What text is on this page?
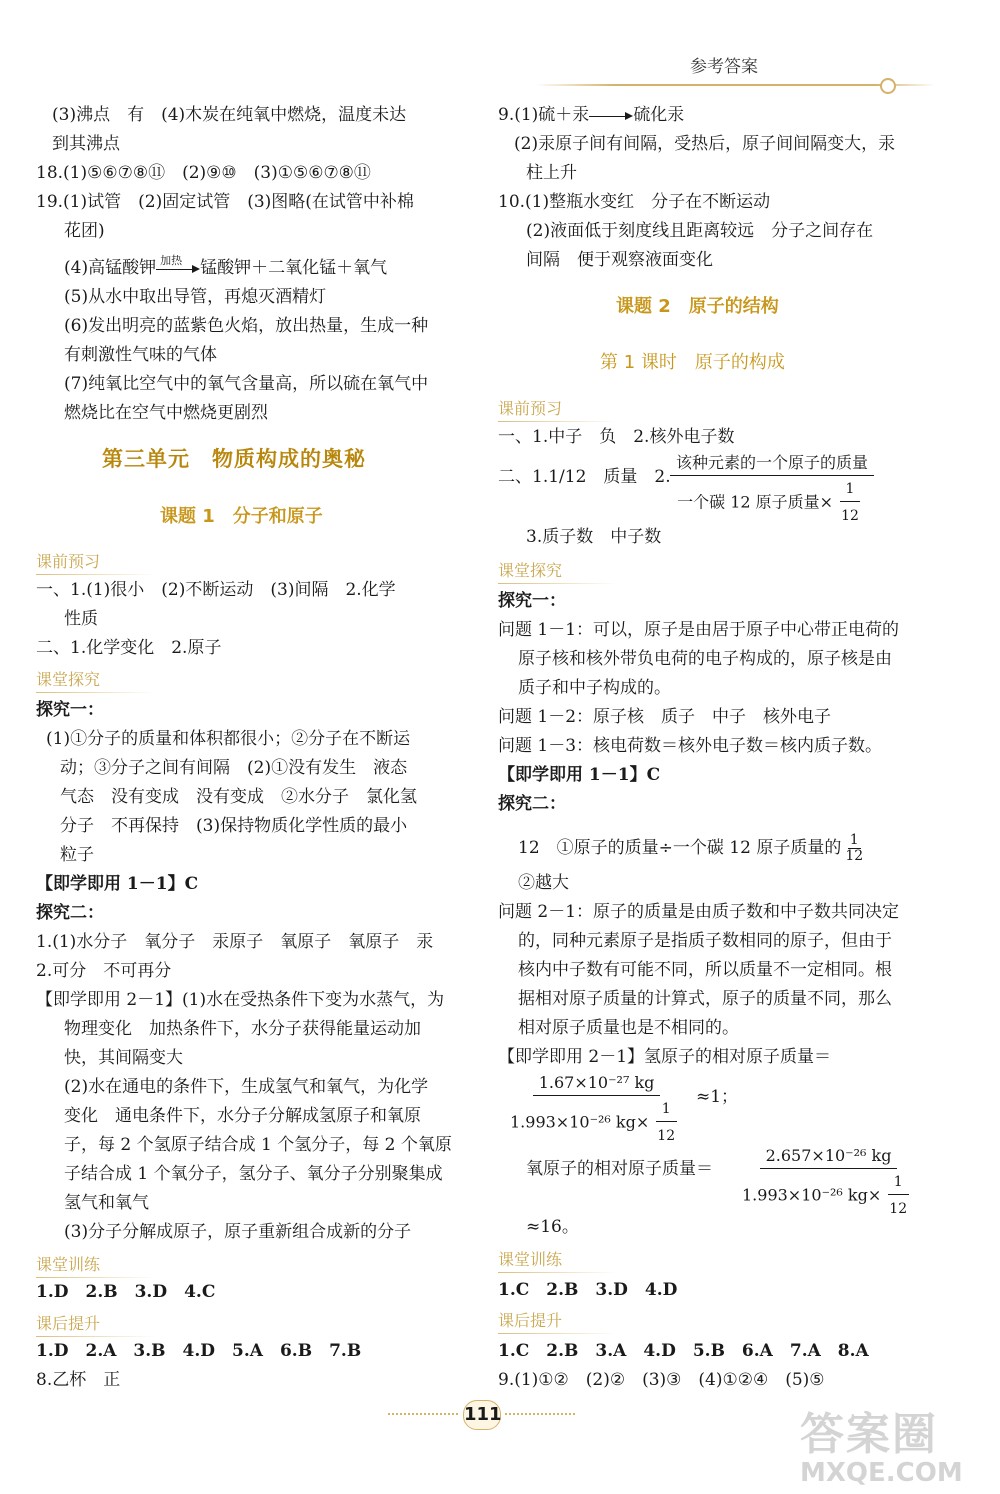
参考答案
(3)沸点　有　(4)木炭在纯氧中燃烧，温度未达
到其沸点
18.(1)⑤⑥⑦⑧⑪　(2)⑨⑩　(3)①⑤⑥⑦⑧⑪
19.(1)试管　(2)固定试管　(3)图略(在试管中补棉
花团)
(4)高锰酸钾 加热 锰酸钾＋二氧化锰＋氧气
(5)从水中取出导管，再熄灭酒精灯
(6)发出明亮的蓝紫色火焰，放出热量，生成一种
有刺激性气味的气体
(7)纯氧比空气中的氧气含量高，所以硫在氧气中
燃烧比在空气中燃烧更剧烈
第三单元　物质构成的奥秘
课题 1　分子和原子
课前预习
一、1.(1)很小　(2)不断运动　(3)间隔　2.化学
性质
二、1.化学变化　2.原子
课堂探究
探究一：
(1)①分子的质量和体积都很小；②分子在不断运
动；③分子之间有间隔　(2)①没有发生　液态
气态　没有变成　没有变成　②水分子　氯化氢
分子　不再保持　(3)保持物质化学性质的最小
粒子
【即学即用 1－1】C
探究二：
1.(1)水分子　氧分子　汞原子　氧原子　氧原子　汞
2.可分　不可再分
【即学即用 2－1】(1)水在受热条件下变为水蒸气，为
物理变化　加热条件下，水分子获得能量运动加
快，其间隔变大
(2)水在通电的条件下，生成氢气和氧气，为化学
变化　通电条件下，水分子分解成氢原子和氧原
子，每 2 个氢原子结合成 1 个氢分子，每 2 个氧原
子结合成 1 个氧分子，氢分子、氧分子分别聚集成
氢气和氧气
(3)分子分解成原子，原子重新组合成新的分子
课堂训练
1.D　2.B　3.D　4.C
课后提升
1.D　2.A　3.B　4.D　5.A　6.B　7.B
8.乙杯　正
9.(1)硫＋汞	硫化汞
(2)汞原子间有间隔，受热后，原子间间隔变大，汞
柱上升
10.(1)整瓶水变红　分子在不断运动
(2)液面低于刻度线且距离较远　分子之间存在
间隔　便于观察液面变化
课题 2　原子的结构
第 1 课时　原子的构成
课前预习
一、1.中子　负　2.核外电子数
二、1.1/12　质量　2.
该种元素的一个原子的质量
一个碳 12 原子质量× $\frac{1}{12}$
3.质子数　中子数
课堂探究
探究一：
问题 1－1：可以，原子是由居于原子中心带正电荷的
原子核和核外带负电荷的电子构成的，原子核是由
质子和中子构成的。
问题 1－2：原子核　质子　中子　核外电子
问题 1－3：核电荷数＝核外电子数＝核内质子数。
【即学即用 1－1】C
探究二：
12　①原子的质量÷一个碳 12 原子质量的 $\frac{1}{12}$
②越大
问题 2－1：原子的质量是由质子数和中子数共同决定
的，同种元素原子是指质子数相同的原子，但由于
核内中子数有可能不同，所以质量不一定相同。根
据相对原子质量的计算式，原子的质量不同，那么
相对原子质量也是不相同的。
【即学即用 2－1】氢原子的相对原子质量＝
$\frac{\text{1.67×10⁻²⁷ kg}}{1.993\times 10^{-26} kg\times \frac{1}{12}} \approx 1$；
氧原子的相对原子质量＝ $\frac{\text{2.657×10⁻²⁶ kg}}{1.993\times 10^{-26} kg\times \frac{1}{12}}$
≈16。
课堂训练
1.C　2.B　3.D　4.D
课后提升
1.C　2.B　3.A　4.D　5.B　6.A　7.A　8.A
9.(1)①②　(2)②　(3)③　(4)①②④　(5)⑤
111	答案圈
MXQE.COM
